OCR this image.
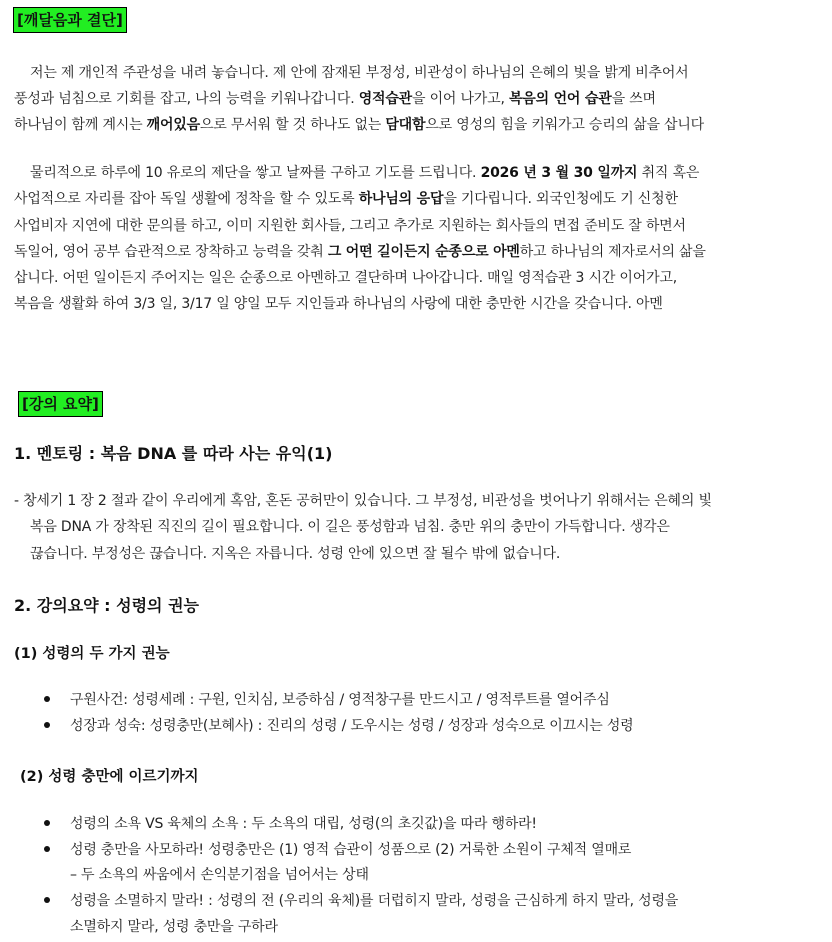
[깨달음과 결단]
저는 제 개인적 주관성을 내려 놓습니다. 제 안에 잠재된 부정성, 비관성이 하나님의 은혜의 빛을 밝게 비추어서
풍성과 넘침으로 기회를 잡고, 나의 능력을 키워나갑니다. 영적습관을 이어 나가고, 복음의 언어 습관을 쓰며
하나님이 함께 계시는 깨어있음으로 무서워 할 것 하나도 없는 담대함으로 영성의 힘을 키워가고 승리의 삶을 삽니다
물리적으로 하루에 10 유로의 제단을 쌓고 날짜를 구하고 기도를 드립니다. 2026 년 3 월 30 일까지 취직 혹은
사업적으로 자리를 잡아 독일 생활에 정착을 할 수 있도록 하나님의 응답을 기다립니다. 외국인청에도 기 신청한
사업비자 지연에 대한 문의를 하고, 이미 지원한 회사들, 그리고 추가로 지원하는 회사들의 면접 준비도 잘 하면서
독일어, 영어 공부 습관적으로 장착하고 능력을 갖춰 그 어떤 길이든지 순종으로 아멘하고 하나님의 제자로서의 삶을
삽니다. 어떤 일이든지 주어지는 일은 순종으로 아멘하고 결단하며 나아갑니다. 매일 영적습관 3 시간 이어가고,
복음을 생활화 하여 3/3 일, 3/17 일 양일 모두 지인들과 하나님의 사랑에 대한 충만한 시간을 갖습니다. 아멘
[강의 요약]
1. 멘토링 : 복음 DNA 를 따라 사는 유익(1)
- 창세기 1 장 2 절과 같이 우리에게 혹암, 혼돈 공허만이 있습니다. 그 부정성, 비관성을 벗어나기 위해서는 은혜의 빛
복음 DNA 가 장착된 직진의 길이 필요합니다. 이 길은 풍성함과 넘침. 충만 위의 충만이 가득합니다. 생각은
끊습니다. 부정성은 끊습니다. 지옥은 자릅니다. 성령 안에 있으면 잘 될수 밖에 없습니다.
2. 강의요약 : 성령의 권능
(1) 성령의 두 가지 권능
구원사건: 성령세례 : 구원, 인치심, 보증하심 / 영적창구를 만드시고 / 영적루트를 열어주심
성장과 성숙: 성령충만(보혜사) : 진리의 성령 / 도우시는 성령 / 성장과 성숙으로 이끄시는 성령
(2) 성령 충만에 이르기까지
성령의 소욕 VS 육체의 소욕 : 두 소욕의 대립, 성령(의 초깃값)을 따라 행하라!
성령 충만을 사모하라! 성령충만은 (1) 영적 습관이 성품으로 (2) 거룩한 소원이 구체적 열매로
– 두 소욕의 싸움에서 손익분기점을 넘어서는 상태
성령을 소멸하지 말라! : 성령의 전 (우리의 육체)를 더럽히지 말라, 성령을 근심하게 하지 말라, 성령을
소멸하지 말라, 성령 충만을 구하라
